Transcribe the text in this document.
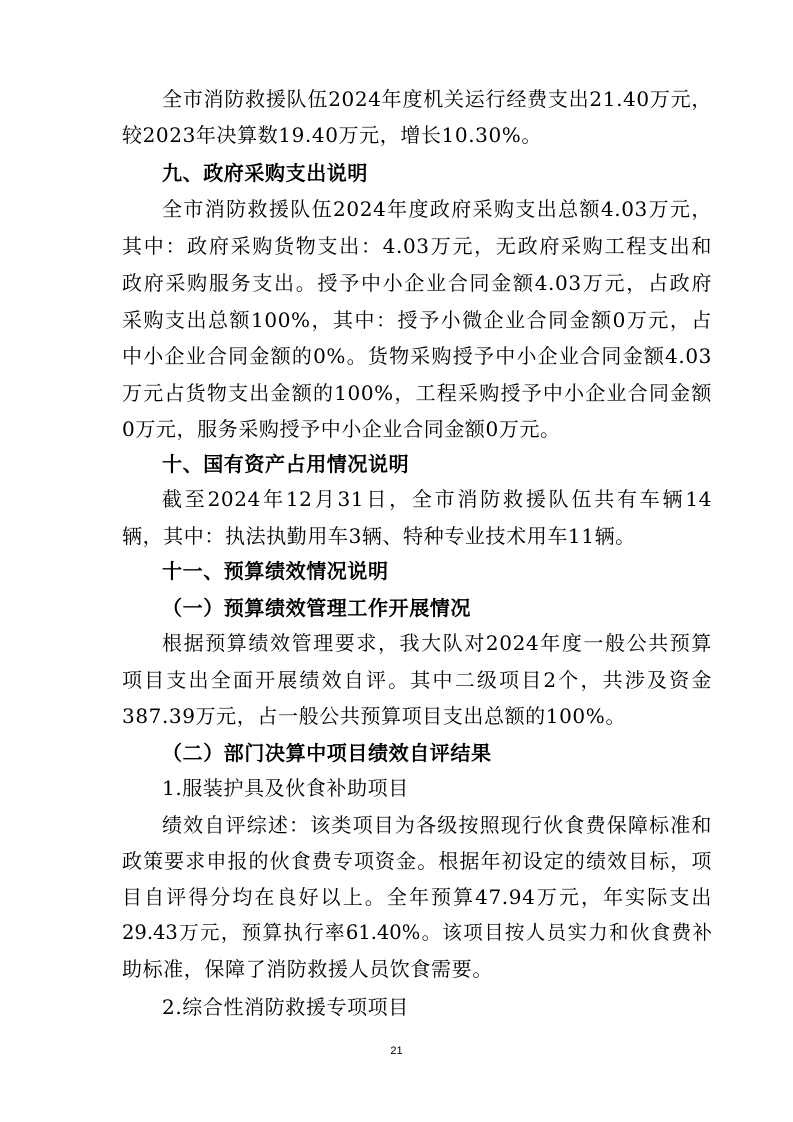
全市消防救援队伍2024年度机关运行经费支出21.40万元，
较2023年决算数19.40万元，增长10.30%。
九、政府采购支出说明
全市消防救援队伍2024年度政府采购支出总额4.03万元，
其中：政府采购货物支出：4.03万元，无政府采购工程支出和
政府采购服务支出。授予中小企业合同金额4.03万元，占政府
采购支出总额100%，其中：授予小微企业合同金额0万元，占
中小企业合同金额的0%。货物采购授予中小企业合同金额4.03
万元占货物支出金额的100%，工程采购授予中小企业合同金额
0万元，服务采购授予中小企业合同金额0万元。
十、国有资产占用情况说明
截至2024年12月31日，全市消防救援队伍共有车辆14
辆，其中：执法执勤用车3辆、特种专业技术用车11辆。
十一、预算绩效情况说明
（一）预算绩效管理工作开展情况
根据预算绩效管理要求，我大队对2024年度一般公共预算
项目支出全面开展绩效自评。其中二级项目2个，共涉及资金
387.39万元，占一般公共预算项目支出总额的100%。
（二）部门决算中项目绩效自评结果
1.服装护具及伙食补助项目
绩效自评综述：该类项目为各级按照现行伙食费保障标准和
政策要求申报的伙食费专项资金。根据年初设定的绩效目标，项
目自评得分均在良好以上。全年预算47.94万元，年实际支出
29.43万元，预算执行率61.40%。该项目按人员实力和伙食费补
助标准，保障了消防救援人员饮食需要。
2.综合性消防救援专项项目
21
